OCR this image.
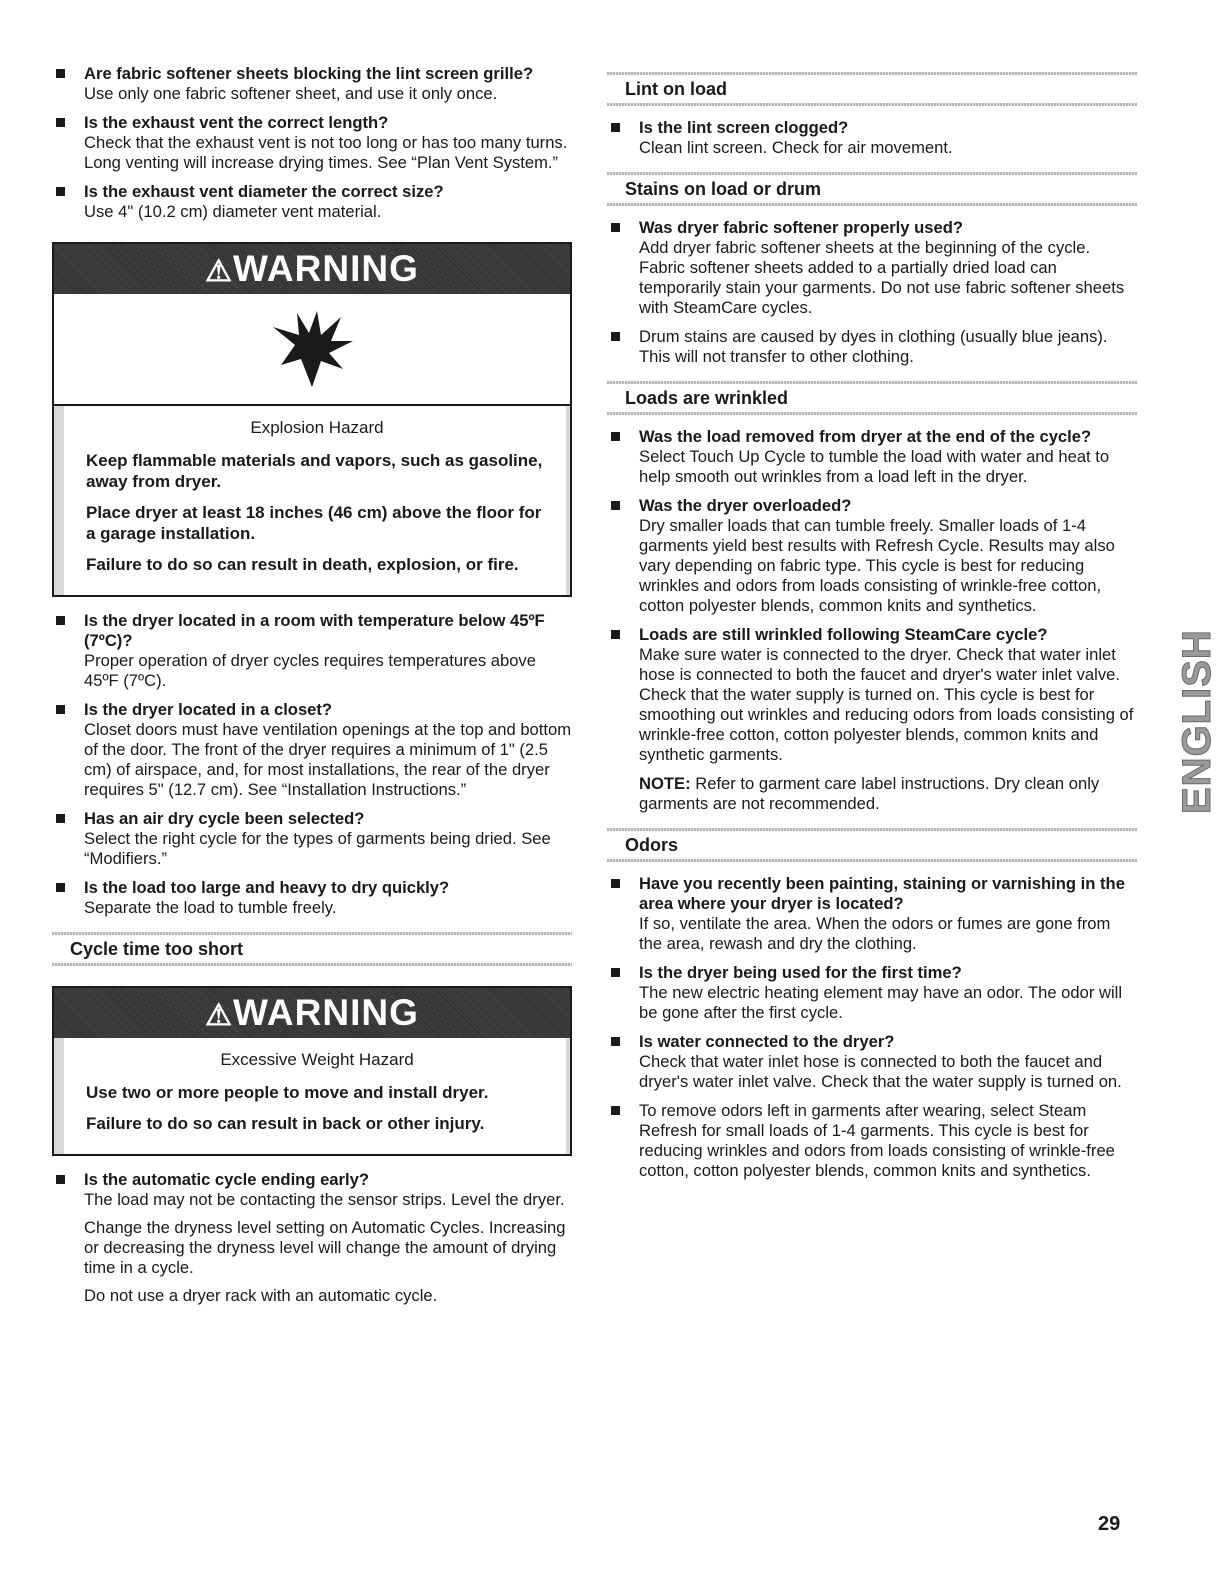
Are fabric softener sheets blocking the lint screen grille?
Use only one fabric softener sheet, and use it only once.
Is the exhaust vent the correct length?
Check that the exhaust vent is not too long or has too many turns. Long venting will increase drying times. See “Plan Vent System.”
Is the exhaust vent diameter the correct size?
Use 4" (10.2 cm) diameter vent material.
⚠WARNING
Explosion Hazard
Keep flammable materials and vapors, such as gasoline, away from dryer.
Place dryer at least 18 inches (46 cm) above the floor for a garage installation.
Failure to do so can result in death, explosion, or fire.
Is the dryer located in a room with temperature below 45ºF (7ºC)?
Proper operation of dryer cycles requires temperatures above 45ºF (7ºC).
Is the dryer located in a closet?
Closet doors must have ventilation openings at the top and bottom of the door. The front of the dryer requires a minimum of 1" (2.5 cm) of airspace, and, for most installations, the rear of the dryer requires 5" (12.7 cm). See “Installation Instructions.”
Has an air dry cycle been selected?
Select the right cycle for the types of garments being dried. See “Modifiers.”
Is the load too large and heavy to dry quickly?
Separate the load to tumble freely.
Cycle time too short
⚠WARNING
Excessive Weight Hazard
Use two or more people to move and install dryer.
Failure to do so can result in back or other injury.
Is the automatic cycle ending early?

The load may not be contacting the sensor strips. Level the dryer.

Change the dryness level setting on Automatic Cycles. Increasing or decreasing the dryness level will change the amount of drying time in a cycle.

Do not use a dryer rack with an automatic cycle.

Lint on load
Is the lint screen clogged?
Clean lint screen. Check for air movement.
Stains on load or drum
Was dryer fabric softener properly used?
Add dryer fabric softener sheets at the beginning of the cycle. Fabric softener sheets added to a partially dried load can temporarily stain your garments. Do not use fabric softener sheets with SteamCare cycles.
Drum stains are caused by dyes in clothing (usually blue jeans). This will not transfer to other clothing.
Loads are wrinkled
Was the load removed from dryer at the end of the cycle?
Select Touch Up Cycle to tumble the load with water and heat to help smooth out wrinkles from a load left in the dryer.
Was the dryer overloaded?
Dry smaller loads that can tumble freely. Smaller loads of 1-4 garments yield best results with Refresh Cycle. Results may also vary depending on fabric type. This cycle is best for reducing wrinkles and odors from loads consisting of wrinkle-free cotton, cotton polyester blends, common knits and synthetics.
Loads are still wrinkled following SteamCare cycle?
Make sure water is connected to the dryer. Check that water inlet hose is connected to both the faucet and dryer's water inlet valve. Check that the water supply is turned on. This cycle is best for smoothing out wrinkles and reducing odors from loads consisting of wrinkle-free cotton, cotton polyester blends, common knits and synthetic garments.
NOTE: Refer to garment care label instructions. Dry clean only garments are not recommended.
Odors
Have you recently been painting, staining or varnishing in the area where your dryer is located?
If so, ventilate the area. When the odors or fumes are gone from the area, rewash and dry the clothing.
Is the dryer being used for the first time?
The new electric heating element may have an odor. The odor will be gone after the first cycle.
Is water connected to the dryer?
Check that water inlet hose is connected to both the faucet and dryer's water inlet valve. Check that the water supply is turned on.
To remove odors left in garments after wearing, select Steam Refresh for small loads of 1-4 garments. This cycle is best for reducing wrinkles and odors from loads consisting of wrinkle-free cotton, cotton polyester blends, common knits and synthetics.
ENGLISH
29
